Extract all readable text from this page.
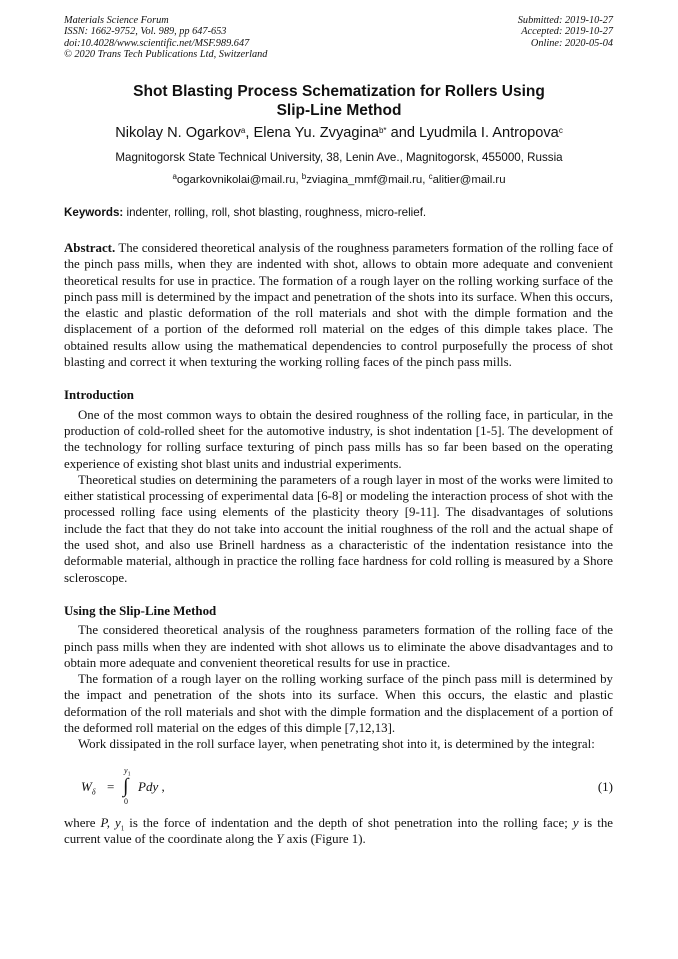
Materials Science Forum
ISSN: 1662-9752, Vol. 989, pp 647-653
doi:10.4028/www.scientific.net/MSF.989.647
© 2020 Trans Tech Publications Ltd, Switzerland
Submitted: 2019-10-27
Accepted: 2019-10-27
Online: 2020-05-04
Shot Blasting Process Schematization for Rollers Using
Slip-Line Method
Nikolay N. Ogarkov$^a$, Elena Yu. Zvyagina$^{b*}$ and Lyudmila I. Antropova$^c$
Magnitogorsk State Technical University, 38, Lenin Ave., Magnitogorsk, 455000, Russia
$^a$ogarkovnikolai@mail.ru, $^b$zviagina_mmf@mail.ru, $^c$alitier@mail.ru
Keywords: indenter, rolling, roll, shot blasting, roughness, micro-relief.

Abstract. The considered theoretical analysis of the roughness parameters formation of the rolling face of the pinch pass mills, when they are indented with shot, allows to obtain more adequate and convenient theoretical results for use in practice. The formation of a rough layer on the rolling working surface of the pinch pass mill is determined by the impact and penetration of the shots into its surface. When this occurs, the elastic and plastic deformation of the roll materials and shot with the dimple formation and the displacement of a portion of the deformed roll material on the edges of this dimple takes place. The obtained results allow using the mathematical dependencies to control purposefully the process of shot blasting and correct it when texturing the working rolling faces of the pinch pass mills.

Introduction

One of the most common ways to obtain the desired roughness of the rolling face, in particular, in the production of cold-rolled sheet for the automotive industry, is shot indentation [1-5]. The development of the technology for rolling surface texturing of pinch pass mills has so far been based on the operating experience of existing shot blast units and industrial experiments.

Theoretical studies on determining the parameters of a rough layer in most of the works were limited to either statistical processing of experimental data [6-8] or modeling the interaction process of shot with the processed rolling face using elements of the plasticity theory [9-11]. The disadvantages of solutions include the fact that they do not take into account the initial roughness of the roll and the actual shape of the used shot, and also use Brinell hardness as a characteristic of the indentation resistance into the deformable material, although in practice the rolling face hardness for cold rolling is measured by a Shore scleroscope.

Using the Slip-Line Method

The considered theoretical analysis of the roughness parameters formation of the rolling face of the pinch pass mills when they are indented with shot allows us to eliminate the above disadvantages and to obtain more adequate and convenient theoretical results for use in practice.

The formation of a rough layer on the rolling working surface of the pinch pass mill is determined by the impact and penetration of the shots into its surface. When this occurs, the elastic and plastic deformation of the roll materials and shot with the dimple formation and the displacement of a portion of the deformed roll material on the edges of this dimple [7,12,13].

Work dissipated in the roll surface layer, when penetrating shot into it, is determined by the integral:

$W_\delta$ =
$y_1$
∫
0
Pdy ,	(1)

where P, $y_1$ is the force of indentation and the depth of shot penetration into the rolling face; y is the current value of the coordinate along the Y axis (Figure 1).
